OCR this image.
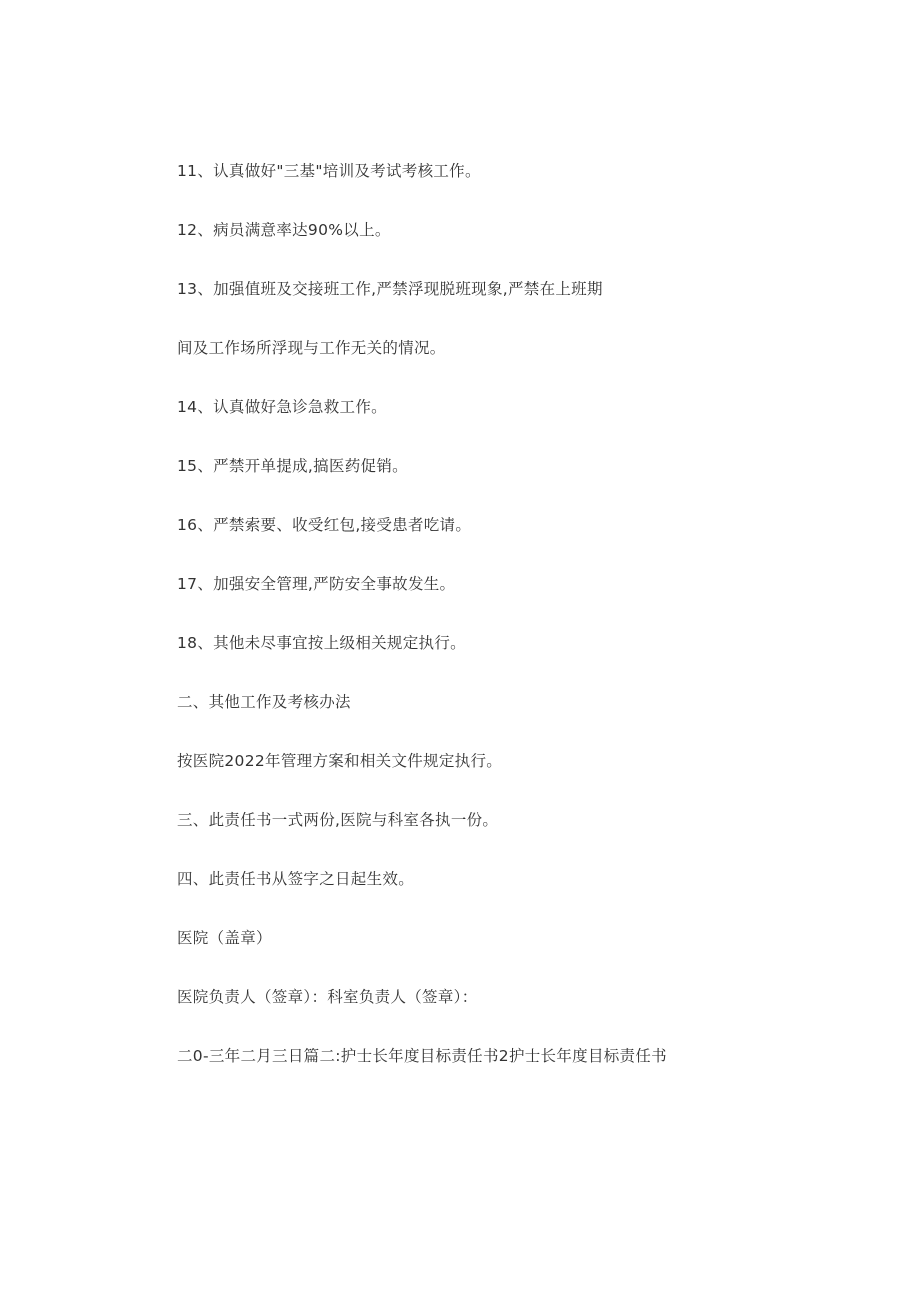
11、认真做好"三基"培训及考试考核工作。
12、病员满意率达90%以上。
13、加强值班及交接班工作,严禁浮现脱班现象,严禁在上班期
间及工作场所浮现与工作无关的情况。
14、认真做好急诊急救工作。
15、严禁开单提成,搞医药促销。
16、严禁索要、收受红包,接受患者吃请。
17、加强安全管理,严防安全事故发生。
18、其他未尽事宜按上级相关规定执行。
二、其他工作及考核办法
按医院2022年管理方案和相关文件规定执行。
三、此责任书一式两份,医院与科室各执一份。
四、此责任书从签字之日起生效。
医院（盖章）
医院负责人（签章）：科室负责人（签章）：
二0-三年二月三日篇二:护士长年度目标责任书2护士长年度目标责任书
